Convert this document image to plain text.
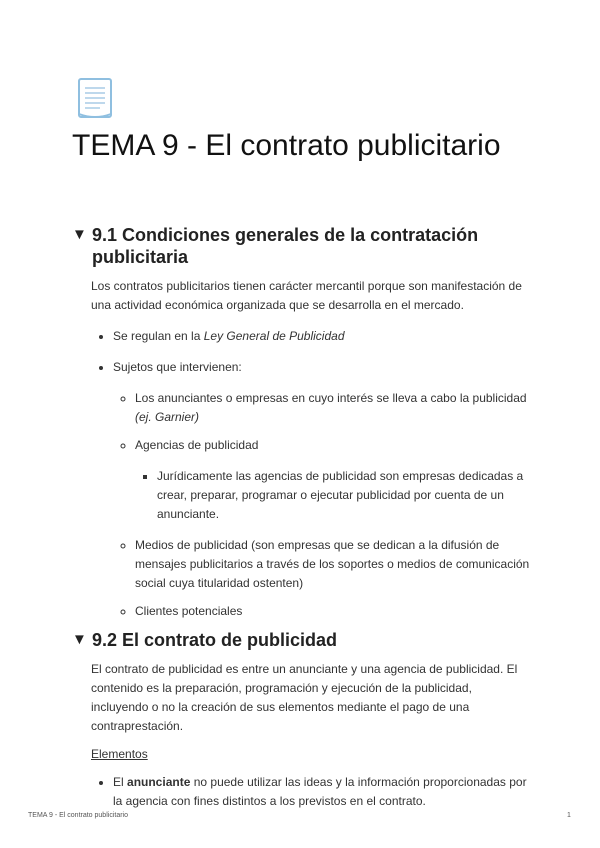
TEMA 9 - El contrato publicitario
▼ 9.1 Condiciones generales de la contratación publicitaria

Los contratos publicitarios tienen carácter mercantil porque son manifestación de una actividad económica organizada que se desarrolla en el mercado.

• Se regulan en la Ley General de Publicidad
• Sujetos que intervienen:
◦ Los anunciantes o empresas en cuyo interés se lleva a cabo la publicidad (ej. Garnier)
◦ Agencias de publicidad
▪ Jurídicamente las agencias de publicidad son empresas dedicadas a crear, preparar, programar o ejecutar publicidad por cuenta de un anunciante.
◦ Medios de publicidad (son empresas que se dedican a la difusión de mensajes publicitarios a través de los soportes o medios de comunicación social cuya titularidad ostenten)
◦ Clientes potenciales
▼ 9.2 El contrato de publicidad

El contrato de publicidad es entre un anunciante y una agencia de publicidad. El contenido es la preparación, programación y ejecución de la publicidad, incluyendo o no la creación de sus elementos mediante el pago de una contraprestación.

Elementos

• El anunciante no puede utilizar las ideas y la información proporcionadas por la agencia con fines distintos a los previstos en el contrato.
TEMA 9 - El contrato publicitario	1
